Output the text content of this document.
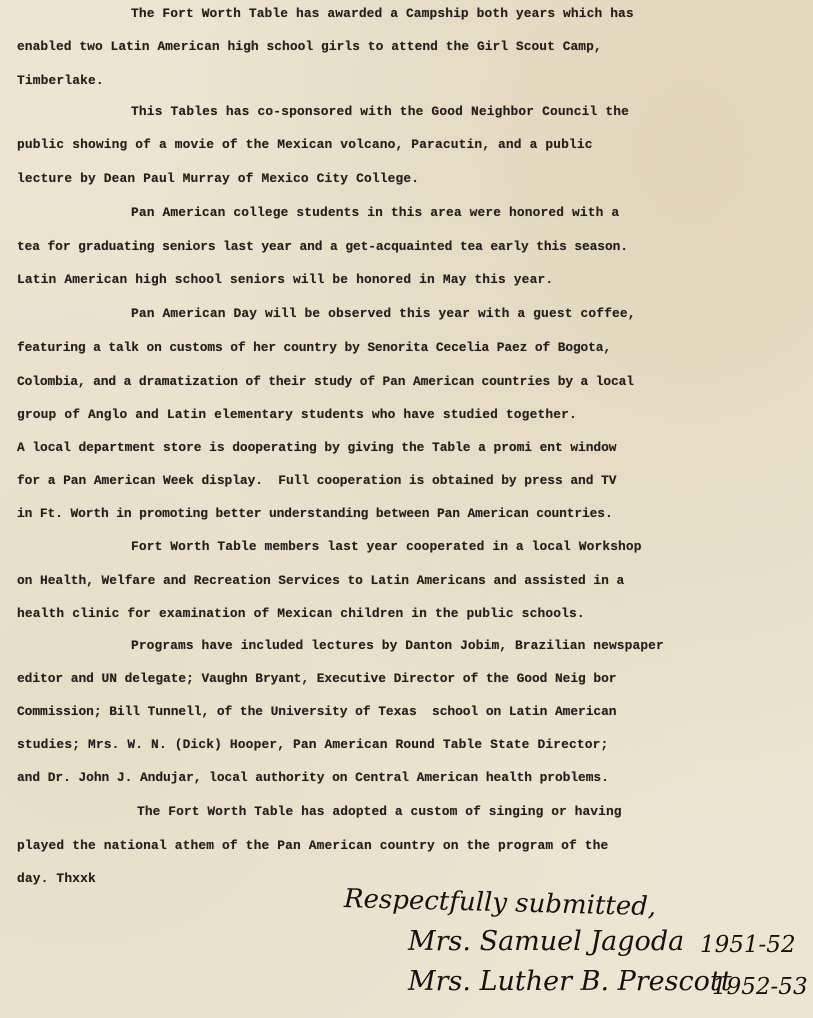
The Fort Worth Table has awarded a Campship both years which has
enabled two Latin American high school girls to attend the Girl Scout Camp,
Timberlake.
This Tables has co-sponsored with the Good Neighbor Council the
public showing of a movie of the Mexican volcano, Paracutin, and a public
lecture by Dean Paul Murray of Mexico City College.
Pan American college students in this area were honored with a
tea for graduating seniors last year and a get-acquainted tea early this season.
Latin American high school seniors will be honored in May this year.
Pan American Day will be observed this year with a guest coffee,
featuring a talk on customs of her country by Senorita Cecelia Paez of Bogota,
Colombia, and a dramatization of their study of Pan American countries by a local
group of Anglo and Latin elementary students who have studied together.
A local department store is dooperating by giving the Table a promi ent window
for a Pan American Week display.  Full cooperation is obtained by press and TV
in Ft. Worth in promoting better understanding between Pan American countries.
Fort Worth Table members last year cooperated in a local Workshop
on Health, Welfare and Recreation Services to Latin Americans and assisted in a
health clinic for examination of Mexican children in the public schools.
Programs have included lectures by Danton Jobim, Brazilian newspaper
editor and UN delegate; Vaughn Bryant, Executive Director of the Good Neig bor
Commission; Bill Tunnell, of the University of Texas  school on Latin American
studies; Mrs. W. N. (Dick) Hooper, Pan American Round Table State Director;
and Dr. John J. Andujar, local authority on Central American health problems.
The Fort Worth Table has adopted a custom of singing or having
played the national athem of the Pan American country on the program of the
day. Thxxk
Respectfully submitted,
Mrs. Samuel Jagoda 1951-52
Mrs. Luther B. Prescott
1952-53
